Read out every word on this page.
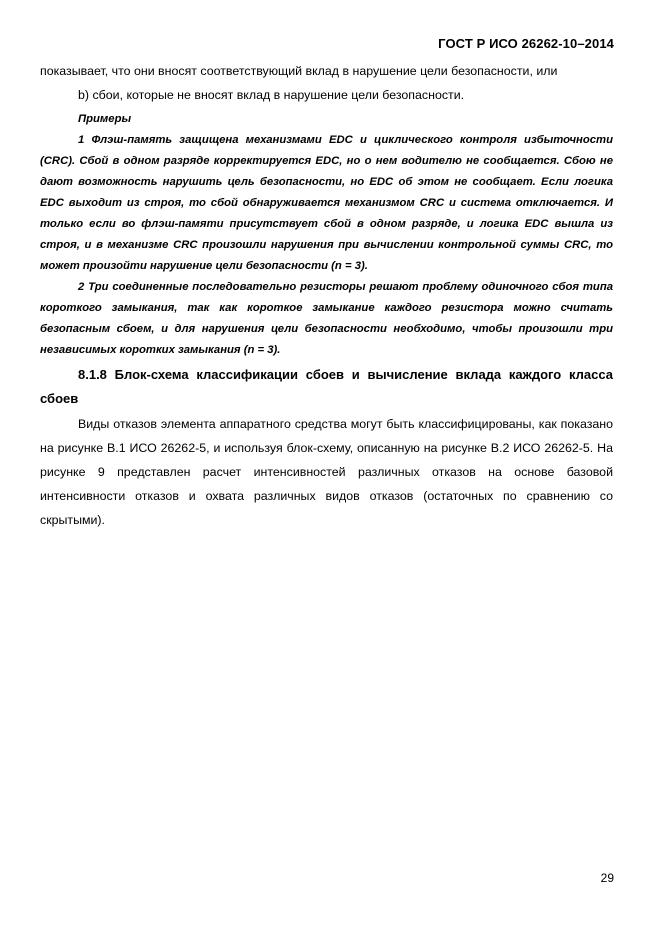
ГОСТ Р ИСО 26262-10–2014

показывает, что они вносят соответствующий вклад в нарушение цели безопасности, или

b) сбои, которые не вносят вклад в нарушение цели безопасности.

Примеры

1 Флэш-память защищена механизмами EDC и циклического контроля избыточности (CRC). Сбой в одном разряде корректируется EDC, но о нем водителю не сообщается. Сбою не дают возможность нарушить цель безопасности, но EDC об этом не сообщает. Если логика EDC выходит из строя, то сбой обнаруживается механизмом CRC и система отключается. И только если во флэш-памяти присутствует сбой в одном разряде, и логика EDC вышла из строя, и в механизме CRC произошли нарушения при вычислении контрольной суммы CRC, то может произойти нарушение цели безопасности (n = 3).

2 Три соединенные последовательно резисторы решают проблему одиночного сбоя типа короткого замыкания, так как короткое замыкание каждого резистора можно считать безопасным сбоем, и для нарушения цели безопасности необходимо, чтобы произошли три независимых коротких замыкания (n = 3).

8.1.8 Блок-схема классификации сбоев и вычисление вклада каждого класса сбоев

Виды отказов элемента аппаратного средства могут быть классифицированы, как показано на рисунке B.1 ИСО 26262-5, и используя блок-схему, описанную на рисунке B.2 ИСО 26262-5. На рисунке 9 представлен расчет интенсивностей различных отказов на основе базовой интенсивности отказов и охвата различных видов отказов (остаточных по сравнению со скрытыми).

29
